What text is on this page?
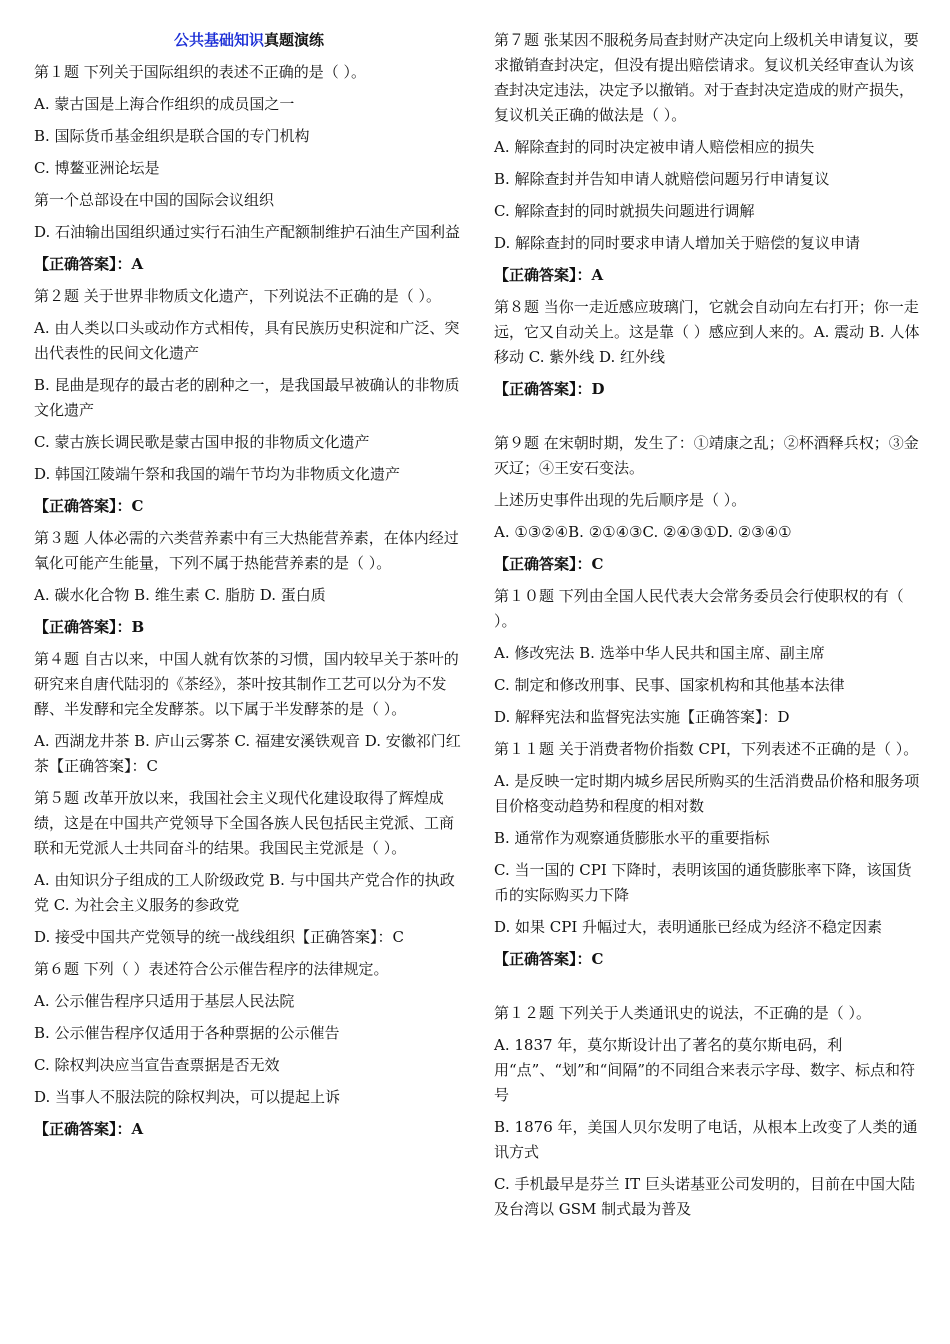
公共基础知识真题演练
第１题 下列关于国际组织的表述不正确的是（ ）。
A. 蒙古国是上海合作组织的成员国之一
B. 国际货币基金组织是联合国的专门机构
C. 博鳌亚洲论坛是
第一个总部设在中国的国际会议组织
D. 石油输出国组织通过实行石油生产配额制维护石油生产国利益
【正确答案】：A
第２题 关于世界非物质文化遗产，下列说法不正确的是（ ）。
A. 由人类以口头或动作方式相传，具有民族历史积淀和广泛、突出代表性的民间文化遗产
B. 昆曲是现存的最古老的剧种之一，是我国最早被确认的非物质文化遗产
C. 蒙古族长调民歌是蒙古国申报的非物质文化遗产
D. 韩国江陵端午祭和我国的端午节均为非物质文化遗产
【正确答案】：C
第３题 人体必需的六类营养素中有三大热能营养素，在体内经过氧化可能产生能量，下列不属于热能营养素的是（ ）。
A. 碳水化合物 B. 维生素 C. 脂肪 D. 蛋白质
【正确答案】：B
第４题 自古以来，中国人就有饮茶的习惯，国内较早关于茶叶的研究来自唐代陆羽的《茶经》，茶叶按其制作工艺可以分为不发酵、半发酵和完全发酵茶。以下属于半发酵茶的是（ ）。
A. 西湖龙井茶 B. 庐山云雾茶 C. 福建安溪铁观音 D. 安徽祁门红茶【正确答案】：C
第５题 改革开放以来，我国社会主义现代化建设取得了辉煌成绩，这是在中国共产党领导下全国各族人民包括民主党派、工商联和无党派人士共同奋斗的结果。我国民主党派是（ ）。
A. 由知识分子组成的工人阶级政党 B. 与中国共产党合作的执政党 C. 为社会主义服务的参政党
D. 接受中国共产党领导的统一战线组织【正确答案】：C
第６题 下列（ ）表述符合公示催告程序的法律规定。
A. 公示催告程序只适用于基层人民法院
B. 公示催告程序仅适用于各种票据的公示催告
C. 除权判决应当宣告查票据是否无效
D. 当事人不服法院的除权判决，可以提起上诉
【正确答案】：A
第７题 张某因不服税务局查封财产决定向上级机关申请复议，要求撤销查封决定，但没有提出赔偿请求。复议机关经审查认为该查封决定违法，决定予以撤销。对于查封决定造成的财产损失，复议机关正确的做法是（ ）。
A. 解除查封的同时决定被申请人赔偿相应的损失
B. 解除查封并告知申请人就赔偿问题另行申请复议
C. 解除查封的同时就损失问题进行调解
D. 解除查封的同时要求申请人增加关于赔偿的复议申请
【正确答案】：A
第８题 当你一走近感应玻璃门，它就会自动向左右打开；你一走远，它又自动关上。这是靠（ ）感应到人来的。A. 震动 B. 人体移动 C. 紫外线 D. 红外线
【正确答案】：D
第９题 在宋朝时期，发生了：①靖康之乱；②杯酒释兵权；③金灭辽；④王安石变法。
上述历史事件出现的先后顺序是（ ）。
A. ①③②④B. ②①④③C. ②④③①D. ②③④①
【正确答案】：C
第１０题 下列由全国人民代表大会常务委员会行使职权的有（ ）。
A. 修改宪法 B. 选举中华人民共和国主席、副主席
C. 制定和修改刑事、民事、国家机构和其他基本法律
D. 解释宪法和监督宪法实施【正确答案】：D
第１１题 关于消费者物价指数 CPI，下列表述不正确的是（ ）。
A. 是反映一定时期内城乡居民所购买的生活消费品价格和服务项目价格变动趋势和程度的相对数
B. 通常作为观察通货膨胀水平的重要指标
C. 当一国的 CPI 下降时，表明该国的通货膨胀率下降，该国货币的实际购买力下降
D. 如果 CPI 升幅过大，表明通胀已经成为经济不稳定因素
【正确答案】：C
第１２题 下列关于人类通讯史的说法，不正确的是（ ）。
A. 1837 年，莫尔斯设计出了著名的莫尔斯电码，利用“点”、“划”和“间隔”的不同组合来表示字母、数字、标点和符号
B. 1876 年，美国人贝尔发明了电话，从根本上改变了人类的通讯方式
C. 手机最早是芬兰 IT 巨头诺基亚公司发明的，目前在中国大陆及台湾以 GSM 制式最为普及
